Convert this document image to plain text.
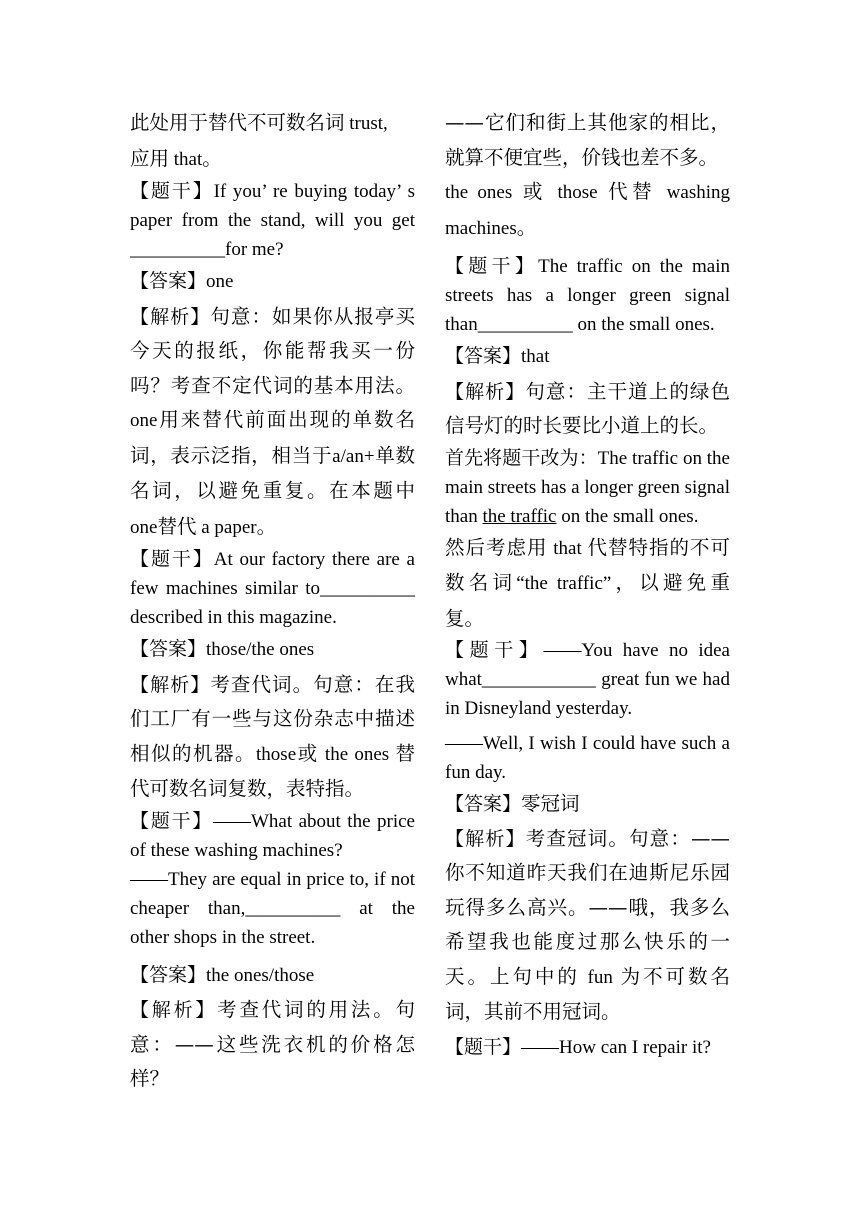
此处用于替代不可数名词 trust,
应用 that。
【题干】If you’ re buying today’ s paper from the stand, will you get __________for me?
【答案】one
【解析】句意：如果你从报亭买今天的报纸，你能帮我买一份吗？考查不定代词的基本用法。one用来替代前面出现的单数名词，表示泛指，相当于a/an+单数名词，以避免重复。在本题中 one替代 a paper。
【题干】At our factory there are a few machines similar to__________ described in this magazine.
【答案】those/the ones
【解析】考查代词。句意：在我们工厂有一些与这份杂志中描述相似的机器。those或 the ones 替代可数名词复数，表特指。
【题干】——What about the price of these washing machines?
——They are equal in price to, if not cheaper than,__________ at the other shops in the street.
【答案】the ones/those
【解析】考查代词的用法。句意：——这些洗衣机的价格怎样？
——它们和街上其他家的相比，就算不便宜些，价钱也差不多。
the ones 或 those 代替 washing machines。
【题干】The traffic on the main streets has a longer green signal than__________ on the small ones.
【答案】that
【解析】句意：主干道上的绿色信号灯的时长要比小道上的长。
首先将题干改为：The traffic on the main streets has a longer green signal than the traffic on the small ones.
然后考虑用 that 代替特指的不可数名词“the traffic”，以避免重复。
【题干】——You have no idea what____________ great fun we had in Disneyland yesterday.
——Well, I wish I could have such a fun day.
【答案】零冠词
【解析】考查冠词。句意：——你不知道昨天我们在迪斯尼乐园玩得多么高兴。——哦，我多么希望我也能度过那么快乐的一天。上句中的 fun 为不可数名词，其前不用冠词。
【题干】——How can I repair it?
